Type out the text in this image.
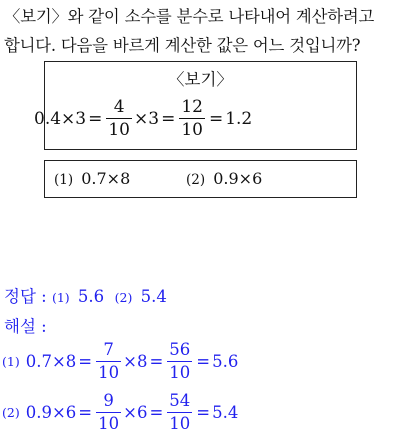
〈보기〉와 같이 소수를 분수로 나타내어 계산하려고
합니다. 다음을 바르게 계산한 값은 어느 것입니까?
〈보기〉
$0.4\times 3 = \frac{4}{10} \times 3 = \frac{12}{10} = 1.2$
(1) 0.7×8	(2) 0.9×6
정답 : (1) 5.6 (2) 5.4
해설 :
(1) $0.7\times 8 = \frac{7}{10} \times 8 = \frac{56}{10} = 5.6$
(2) $0.9\times 6 = \frac{9}{10} \times 6 = \frac{54}{10} = 5.4$
